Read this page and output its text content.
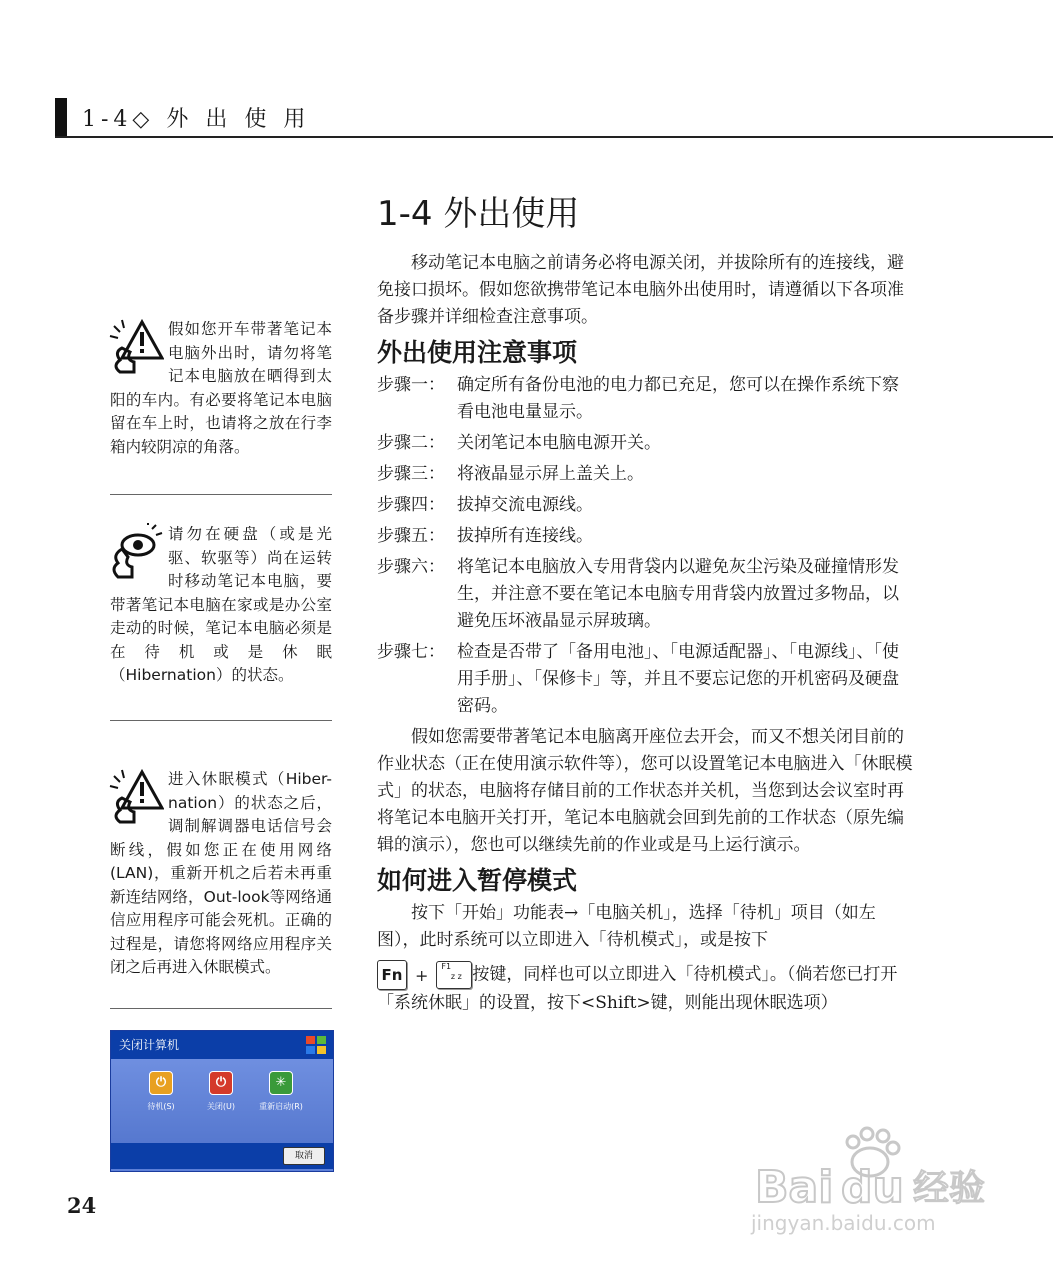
1-4◇ 外 出 使 用
1-4 外出使用

移动笔记本电脑之前请务必将电源关闭，并拔除所有的连接线，避免接口损坏。假如您欲携带笔记本电脑外出使用时，请遵循以下各项准备步骤并详细检查注意事项。

外出使用注意事项
步骤一： 确定所有备份电池的电力都已充足，您可以在操作系统下察看电池电量显示。
步骤二： 关闭笔记本电脑电源开关。
步骤三： 将液晶显示屏上盖关上。
步骤四： 拔掉交流电源线。
步骤五： 拔掉所有连接线。
步骤六： 将笔记本电脑放入专用背袋内以避免灰尘污染及碰撞情形发生，并注意不要在笔记本电脑专用背袋内放置过多物品，以避免压坏液晶显示屏玻璃。
步骤七： 检查是否带了「备用电池」、「电源适配器」、「电源线」、「使用手册」、「保修卡」等，并且不要忘记您的开机密码及硬盘密码。

假如您需要带著笔记本电脑离开座位去开会，而又不想关闭目前的作业状态（正在使用演示软件等），您可以设置笔记本电脑进入「休眠模式」的状态，电脑将存储目前的工作状态并关机，当您到达会议室时再将笔记本电脑开关打开，笔记本电脑就会回到先前的工作状态（原先编辑的演示），您也可以继续先前的作业或是马上运行演示。

如何进入暂停模式

按下「开始」功能表→「电脑关机」，选择「待机」项目（如左图），此时系统可以立即进入「待机模式」，或是按下

Fn + F1
z z 按键，同样也可以立即进入「待机模式」。（倘若您已打开「系统休眠」的设置，按下<Shift>键，则能出现休眠选项）

假如您开车带著笔记本电脑外出时，请勿将笔记本电脑放在晒得到太阳的车内。有必要将笔记本电脑留在车上时，也请将之放在行李箱内较阴凉的角落。
请勿在硬盘（或是光驱、软驱等）尚在运转时移动笔记本电脑，要带著笔记本电脑在家或是办公室走动的时候，笔记本电脑必须是在待机或是休眠（Hibernation）的状态。
进入休眠模式（Hiber-nation）的状态之后，调制解调器电话信号会断线，假如您正在使用网络(LAN)，重新开机之后若未再重新连结网络，Out-look等网络通信应用程序可能会死机。正确的过程是，请您将网络应用程序关闭之后再进入休眠模式。
关闭计算机
⏻
待机(S)
⏻
关闭(U)
✳
重新启动(R)
取消
24	Bai du 经验
jingyan.baidu.com
